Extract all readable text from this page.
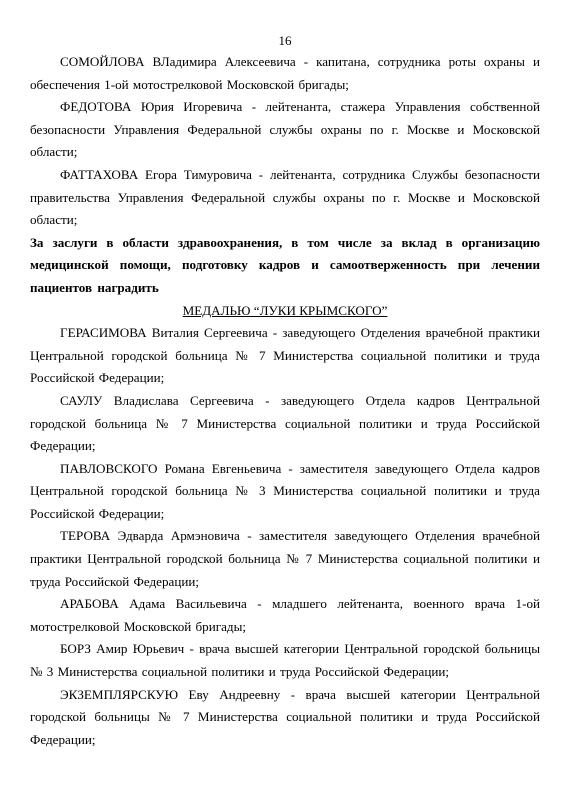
16

СОМОЙЛОВА ВЛадимира Алексеевича - капитана, сотрудника роты охраны и обеспечения 1-ой мотострелковой Московской бригады;

ФЕДОТОВА Юрия Игоревича - лейтенанта, стажера Управления собственной безопасности Управления Федеральной службы охраны по г. Москве и Московской области;

ФАТТАХОВА Егора Тимуровича - лейтенанта, сотрудника Службы безопасности правительства Управления Федеральной службы охраны по г. Москве и Московской области;

За заслуги в области здравоохранения, в том числе за вклад в организацию медицинской помощи, подготовку кадров и самоотверженность при лечении пациентов наградить

МЕДАЛЬЮ “ЛУКИ КРЫМСКОГО”

ГЕРАСИМОВА Виталия Сергеевича - заведующего Отделения врачебной практики Центральной городской больница № 7 Министерства социальной политики и труда Российской Федерации;

САУЛУ Владислава Сергеевича - заведующего Отдела кадров Центральной городской больница № 7 Министерства социальной политики и труда Российской Федерации;

ПАВЛОВСКОГО Романа Евгеньевича - заместителя заведующего Отдела кадров Центральной городской больница № 3 Министерства социальной политики и труда Российской Федерации;

ТЕРОВА Эдварда Армэновича - заместителя заведующего Отделения врачебной практики Центральной городской больница № 7 Министерства социальной политики и труда Российской Федерации;

АРАБОВА Адама Васильевича - младшего лейтенанта, военного врача 1-ой мотострелковой Московской бригады;

БОРЗ Амир Юрьевич - врача высшей категории Центральной городской больницы № 3 Министерства социальной политики и труда Российской Федерации;

ЭКЗЕМПЛЯРСКУЮ Еву Андреевну - врача высшей категории Центральной городской больницы № 7 Министерства социальной политики и труда Российской Федерации;
